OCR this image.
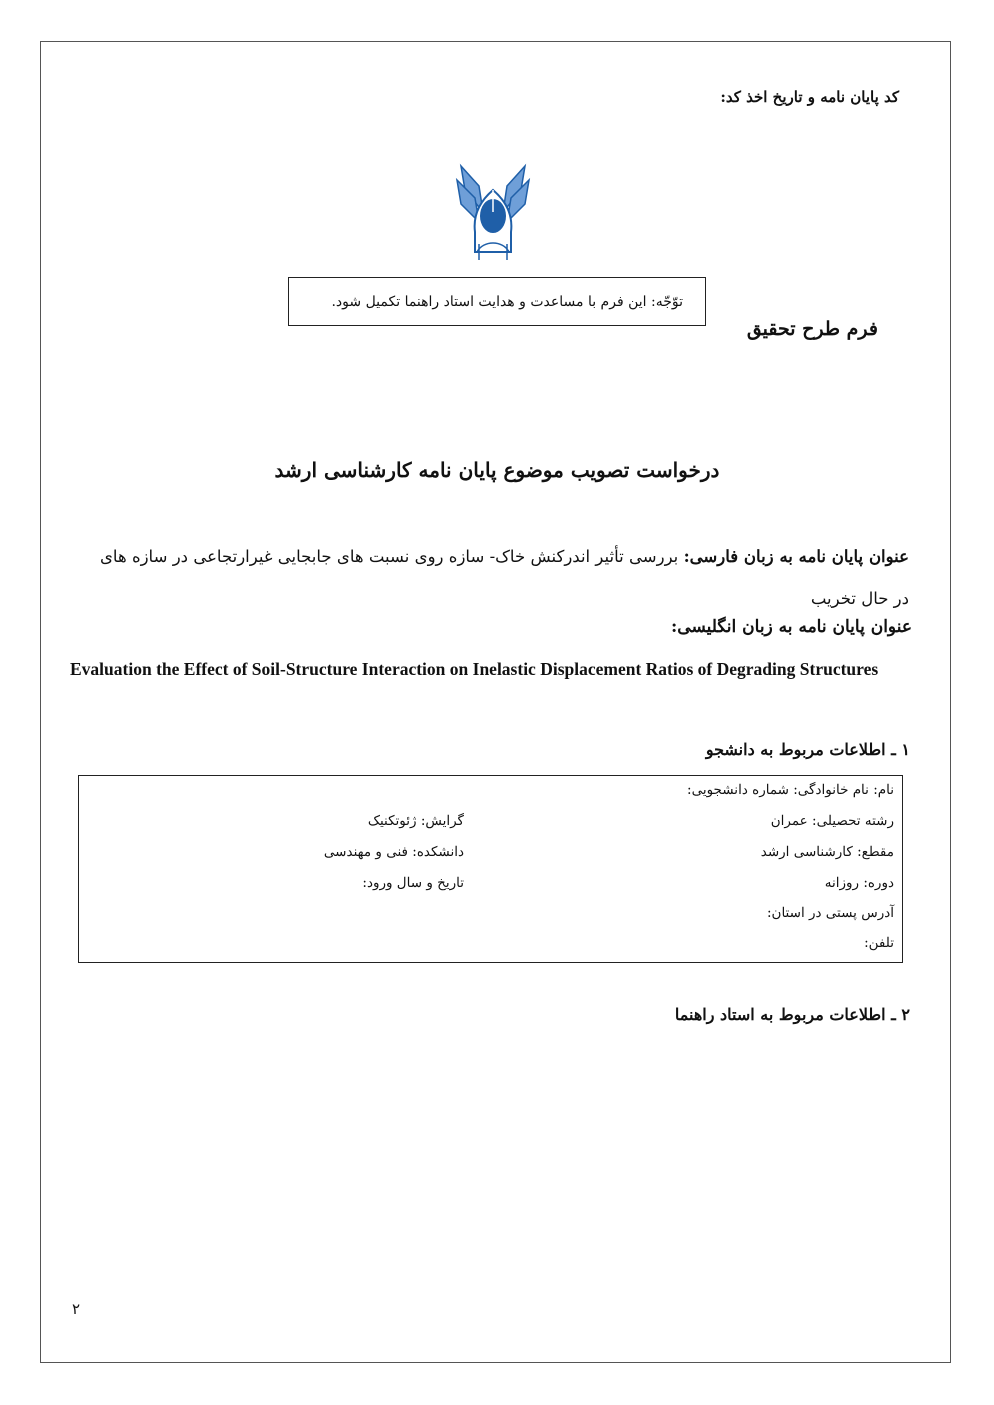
کد پایان نامه و تاریخ اخذ کد:
توّجّه: این فرم با مساعدت و هدایت استاد راهنما تکمیل شود.
فرم طرح تحقیق
درخواست تصویب موضوع پایان نامه کارشناسی ارشد
عنوان پایان نامه به زبان فارسی: بررسی تأثیر اندرکنش خاک- سازه روی نسبت های جابجایی غیرارتجاعی در سازه های در حال تخریب
عنوان پایان نامه به زبان انگلیسی:
Evaluation the Effect of Soil-Structure Interaction on Inelastic Displacement Ratios of Degrading Structures
۱ ـ اطلاعات مربوط به دانشجو
نام: نام خانوادگی: شماره دانشجویی:
رشته تحصیلی: عمران
گرایش: ژئوتکنیک
مقطع: کارشناسی ارشد
دانشکده: فنی و مهندسی
دوره: روزانه
تاریخ و سال ورود:
آدرس پستی در استان:
تلفن:
۲ ـ اطلاعات مربوط به استاد راهنما
۲
